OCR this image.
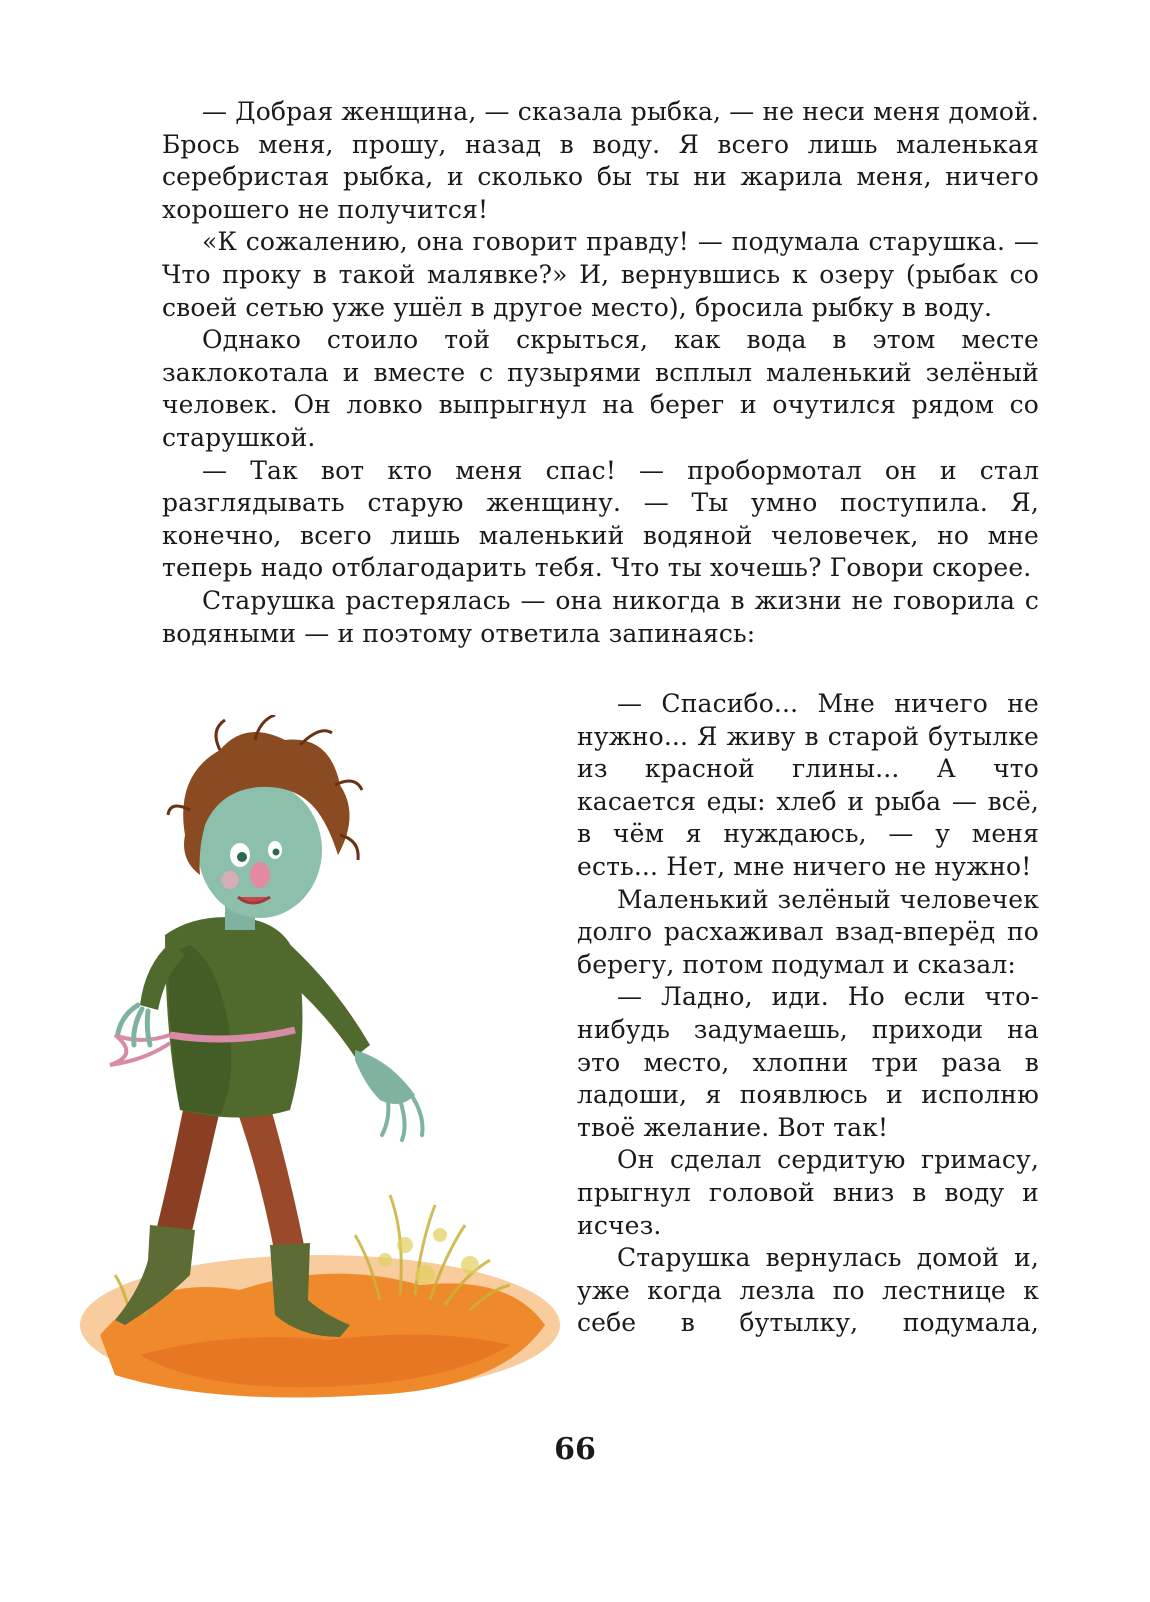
— Добрая женщина, — сказала рыбка, — не неси меня домой. Брось меня, прошу, назад в воду. Я всего лишь маленькая серебристая рыбка, и сколько бы ты ни жарила меня, ничего хорошего не получится!

«К сожалению, она говорит правду! — подумала старушка. — Что проку в такой малявке?» И, вернувшись к озеру (рыбак со своей сетью уже ушёл в другое место), бросила рыбку в воду.

Однако стоило той скрыться, как вода в этом месте заклокотала и вместе с пузырями всплыл маленький зелёный человек. Он ловко выпрыгнул на берег и очутился рядом со старушкой.

— Так вот кто меня спас! — пробормотал он и стал разглядывать старую женщину. — Ты умно поступила. Я, конечно, всего лишь маленький водяной человечек, но мне теперь надо отблагодарить тебя. Что ты хочешь? Говори скорее.

Старушка растерялась — она никогда в жизни не говорила с водяными — и поэтому ответила запинаясь:

— Спасибо... Мне ничего не нужно... Я живу в старой бутылке из красной глины... А что касается еды: хлеб и рыба — всё, в чём я нуждаюсь, — у меня есть... Нет, мне ничего не нужно!

Маленький зелёный человечек долго расхаживал взад-вперёд по берегу, потом подумал и сказал:

— Ладно, иди. Но если что-нибудь задумаешь, приходи на это место, хлопни три раза в ладоши, я появлюсь и исполню твоё желание. Вот так!

Он сделал сердитую гримасу, прыгнул головой вниз в воду и исчез.

Старушка вернулась домой и, уже когда лезла по лестнице к себе в бутылку, подумала,

66
